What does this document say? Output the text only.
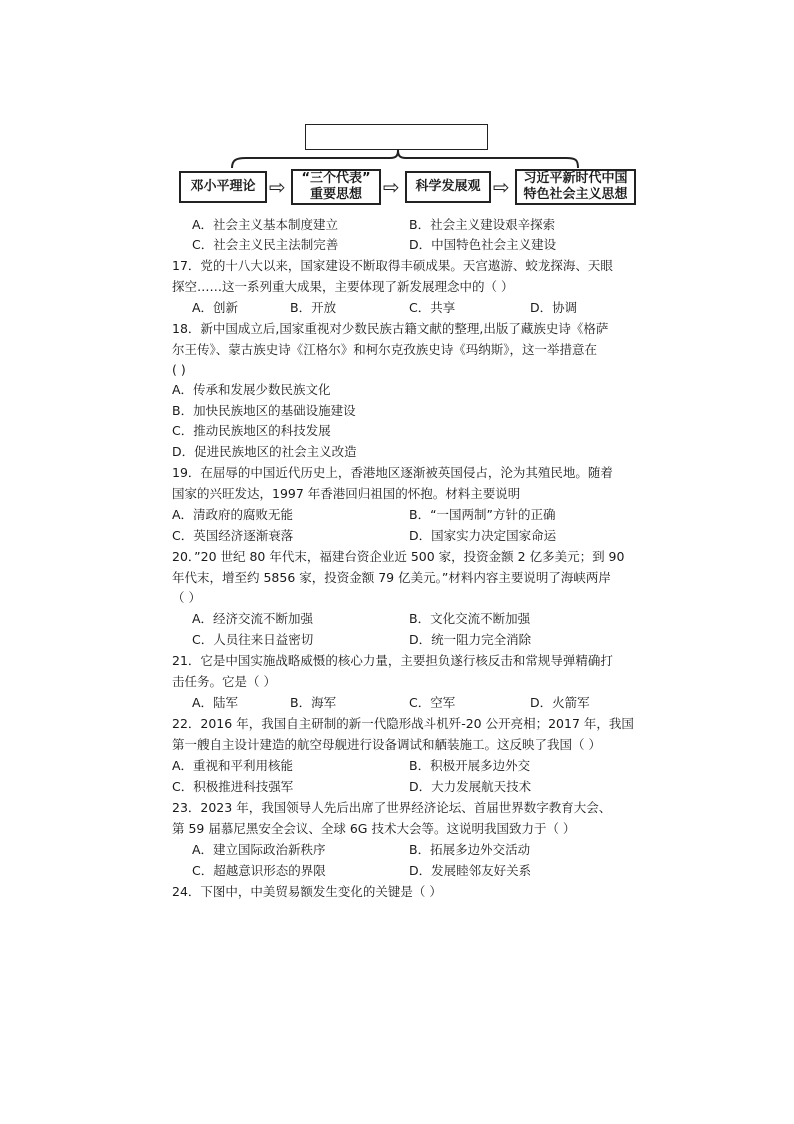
邓小平理论 ⇨ “三个代表”
重要思想 ⇨ 科学发展观 ⇨ 习近平新时代中国
特色社会主义思想
A．社会主义基本制度建立	B．社会主义建设艰辛探索
C．社会主义民主法制完善	D．中国特色社会主义建设
17．党的十八大以来，国家建设不断取得丰硕成果。天宫遨游、蛟龙探海、天眼
探空……这一系列重大成果，主要体现了新发展理念中的（ ）
A．创新	B．开放	C．共享	D．协调
18．新中国成立后,国家重视对少数民族古籍文献的整理,出版了藏族史诗《格萨
尔王传》、蒙古族史诗《江格尔》和柯尔克孜族史诗《玛纳斯》，这一举措意在
( )
A．传承和发展少数民族文化
B．加快民族地区的基础设施建设
C．推动民族地区的科技发展
D．促进民族地区的社会主义改造
19．在屈辱的中国近代历史上，香港地区逐渐被英国侵占，沦为其殖民地。随着
国家的兴旺发达，1997 年香港回归祖国的怀抱。材料主要说明
A．清政府的腐败无能	B．“一国两制”方针的正确
C．英国经济逐渐衰落	D．国家实力决定国家命运
20．”20 世纪 80 年代末，福建台资企业近 500 家，投资金额 2 亿多美元；到 90
年代末，增至约 5856 家，投资金额 79 亿美元。”材料内容主要说明了海峡两岸
（ ）
A．经济交流不断加强	B．文化交流不断加强
C．人员往来日益密切	D．统一阻力完全消除
21．它是中国实施战略威慑的核心力量，主要担负遂行核反击和常规导弹精确打
击任务。它是（ ）
A．陆军	B．海军	C．空军	D．火箭军
22．2016 年，我国自主研制的新一代隐形战斗机歼-20 公开亮相；2017 年，我国
第一艘自主设计建造的航空母舰进行设备调试和舾装施工。这反映了我国（ ）
A．重视和平利用核能	B．积极开展多边外交
C．积极推进科技强军	D．大力发展航天技术
23．2023 年，我国领导人先后出席了世界经济论坛、首届世界数字教育大会、
第 59 届慕尼黑安全会议、全球 6G 技术大会等。这说明我国致力于（ ）
A．建立国际政治新秩序	B．拓展多边外交活动
C．超越意识形态的界限	D．发展睦邻友好关系
24．下图中，中美贸易额发生变化的关键是（ ）
